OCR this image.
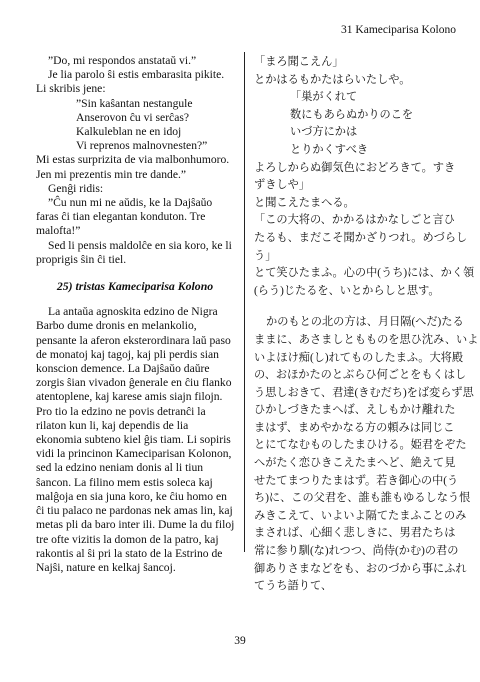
31 Kameciparisa Kolono
”Do, mi respondos anstataŭ vi.”
Je lia parolo ŝi estis embarasita pikite.
Li skribis jene:
”Sin kaŝantan nestangule
Anserovon ĉu vi serĉas?
Kalkuleblan ne en idoj
Vi reprenos malnovnesten?”
Mi estas surprizita de via malbonhumoro.
Jen mi prezentis min tre dande.”
Genĝi ridis:
”Ĉu nun mi ne aŭdis, ke la Dajŝaŭo
faras ĉi tian elegantan konduton. Tre
malofta!”
Sed li pensis maldolĉe en sia koro, ke li
proprigis ŝin ĉi tiel.
25) tristas Kameciparisa Kolono
La antaŭa agnoskita edzino de Nigra
Barbo dume dronis en melankolio,
pensante la aferon eksterordinara laŭ paso
de monatoj kaj tagoj, kaj pli perdis sian
konscion demence. La Dajŝaŭo daŭre
zorgis ŝian vivadon ĝenerale en ĉiu flanko
atentoplene, kaj karese amis siajn filojn.
Pro tio la edzino ne povis detranĉi la
rilaton kun li, kaj dependis de lia
ekonomia subteno kiel ĝis tiam. Li sopiris
vidi la princinon Kameciparisan Kolonon,
sed la edzino neniam donis al li tiun
ŝancon. La filino mem estis soleca kaj
malĝoja en sia juna koro, ke ĉiu homo en
ĉi tiu palaco ne pardonas nek amas lin, kaj
metas pli da baro inter ili. Dume la du filoj
tre ofte vizitis la domon de la patro, kaj
rakontis al ŝi pri la stato de la Estrino de
Najŝi, nature en kelkaj ŝancoj.
「まろ聞こえん」
とかはるもかたはらいたしや。
「巣がくれて
数にもあらぬかりのこを
いづ方にかは
とりかくすべき
よろしからぬ御気色におどろきて。すき
ずきしや」
と聞こえたまへる。
「この大将の、かかるはかなしごと言ひ
たるも、まだこそ聞かざりつれ。めづらし
う」
とて笑ひたまふ。心の中(うち)には、かく領
(らう)じたるを、いとからしと思す。
かのもとの北の方は、月日隔(へだ)たる
ままに、あさましともものを思ひ沈み、いよ
いよほけ痴(し)れてものしたまふ。大将殿
の、おほかたのとぶらひ何ごとをもくはし
う思しおきて、君達(きむだち)をば変らず思
ひかしづきたまへば、えしもかけ離れた
まはず、まめやかなる方の頼みは同じこ
とにてなむものしたまひける。姫君をぞた
へがたく恋ひきこえたまへど、絶えて見
せたてまつりたまはず。若き御心の中(う
ち)に、この父君を、誰も誰もゆるしなう恨
みきこえて、いよいよ隔てたまふことのみ
まされば、心細く悲しきに、男君たちは
常に参り馴(な)れつつ、尚侍(かむ)の君の
御ありさまなどをも、おのづから事にふれ
てうち語りて、
39
